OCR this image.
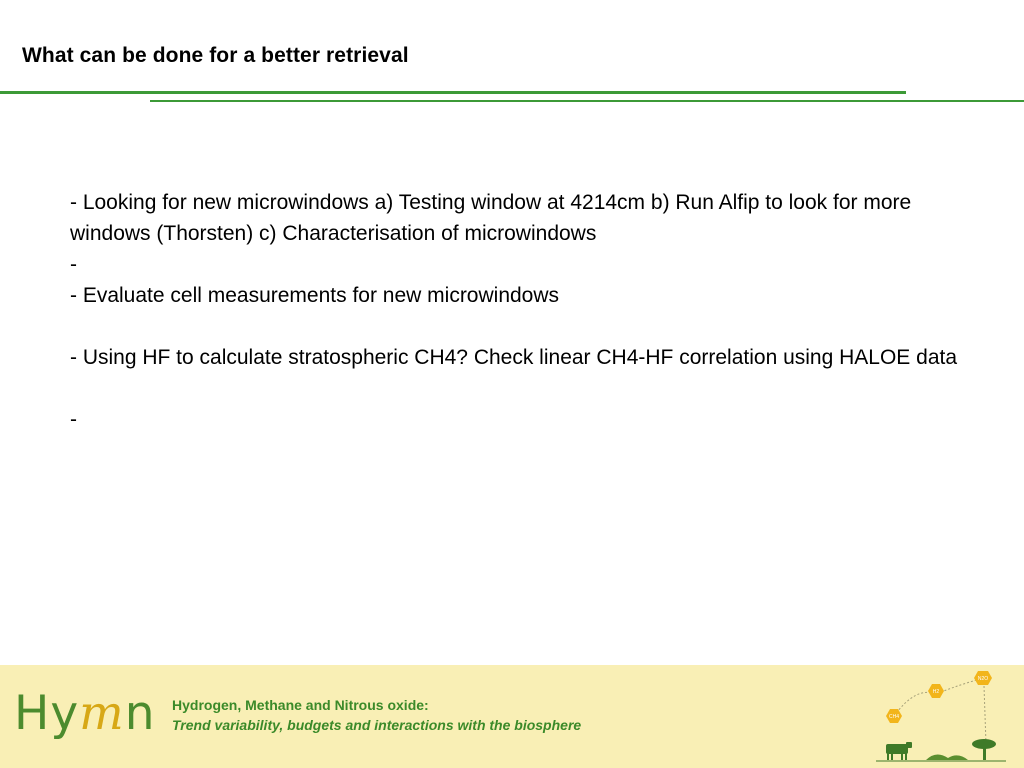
What can be done for a better retrieval

- Looking for new microwindows a) Testing window at 4214cm b) Run Alfip to look for more windows (Thorsten) c) Characterisation of microwindows

-

- Evaluate cell measurements for new microwindows

- Using HF to calculate stratospheric CH4? Check linear CH4-HF correlation using HALOE data

-

Hymn	Hydrogen, Methane and Nitrous oxide:
Trend variability, budgets and interactions with the biosphere	CH4
H2
N2O
